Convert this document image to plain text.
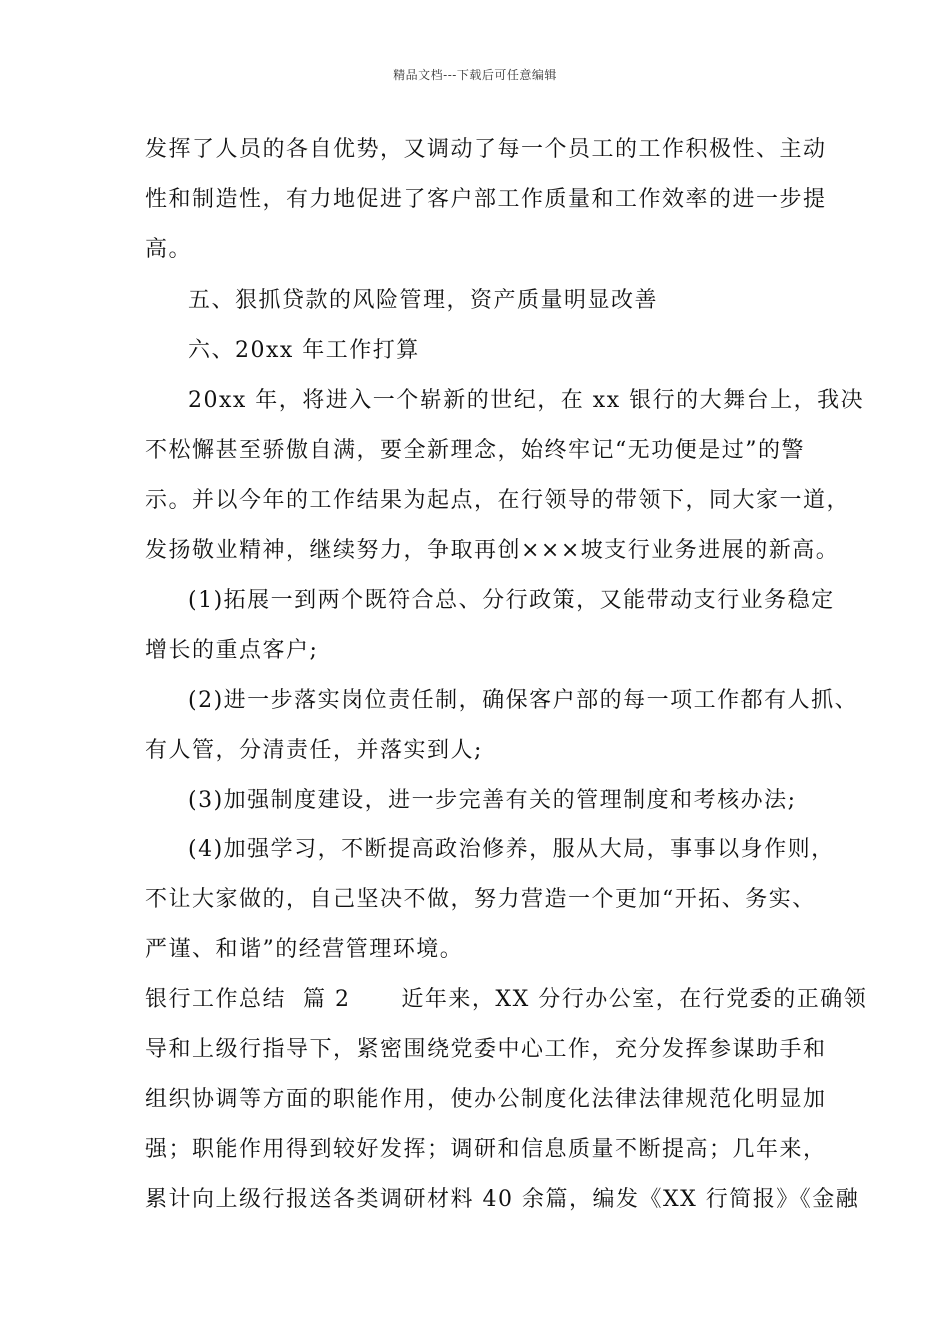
精品文档---下载后可任意编辑
发挥了人员的各自优势，又调动了每一个员工的工作积极性、主动
性和制造性，有力地促进了客户部工作质量和工作效率的进一步提
高。
五、狠抓贷款的风险管理，资产质量明显改善
六、20xx 年工作打算
20xx 年，将进入一个崭新的世纪，在 xx 银行的大舞台上，我决
不松懈甚至骄傲自满，要全新理念，始终牢记“无功便是过”的警
示。并以今年的工作结果为起点，在行领导的带领下，同大家一道，
发扬敬业精神，继续努力，争取再创×××坡支行业务进展的新高。
(1)拓展一到两个既符合总、分行政策，又能带动支行业务稳定
增长的重点客户;
(2)进一步落实岗位责任制，确保客户部的每一项工作都有人抓、
有人管，分清责任，并落实到人;
(3)加强制度建设，进一步完善有关的管理制度和考核办法;
(4)加强学习，不断提高政治修养，服从大局，事事以身作则，
不让大家做的，自己坚决不做，努力营造一个更加“开拓、务实、
严谨、和谐”的经营管理环境。
银行工作总结  篇 2      近年来，XX 分行办公室，在行党委的正确领
导和上级行指导下，紧密围绕党委中心工作，充分发挥参谋助手和
组织协调等方面的职能作用，使办公制度化法律法律规范化明显加
强；职能作用得到较好发挥；调研和信息质量不断提高；几年来，
累计向上级行报送各类调研材料 40 余篇，编发《XX 行简报》《金融
